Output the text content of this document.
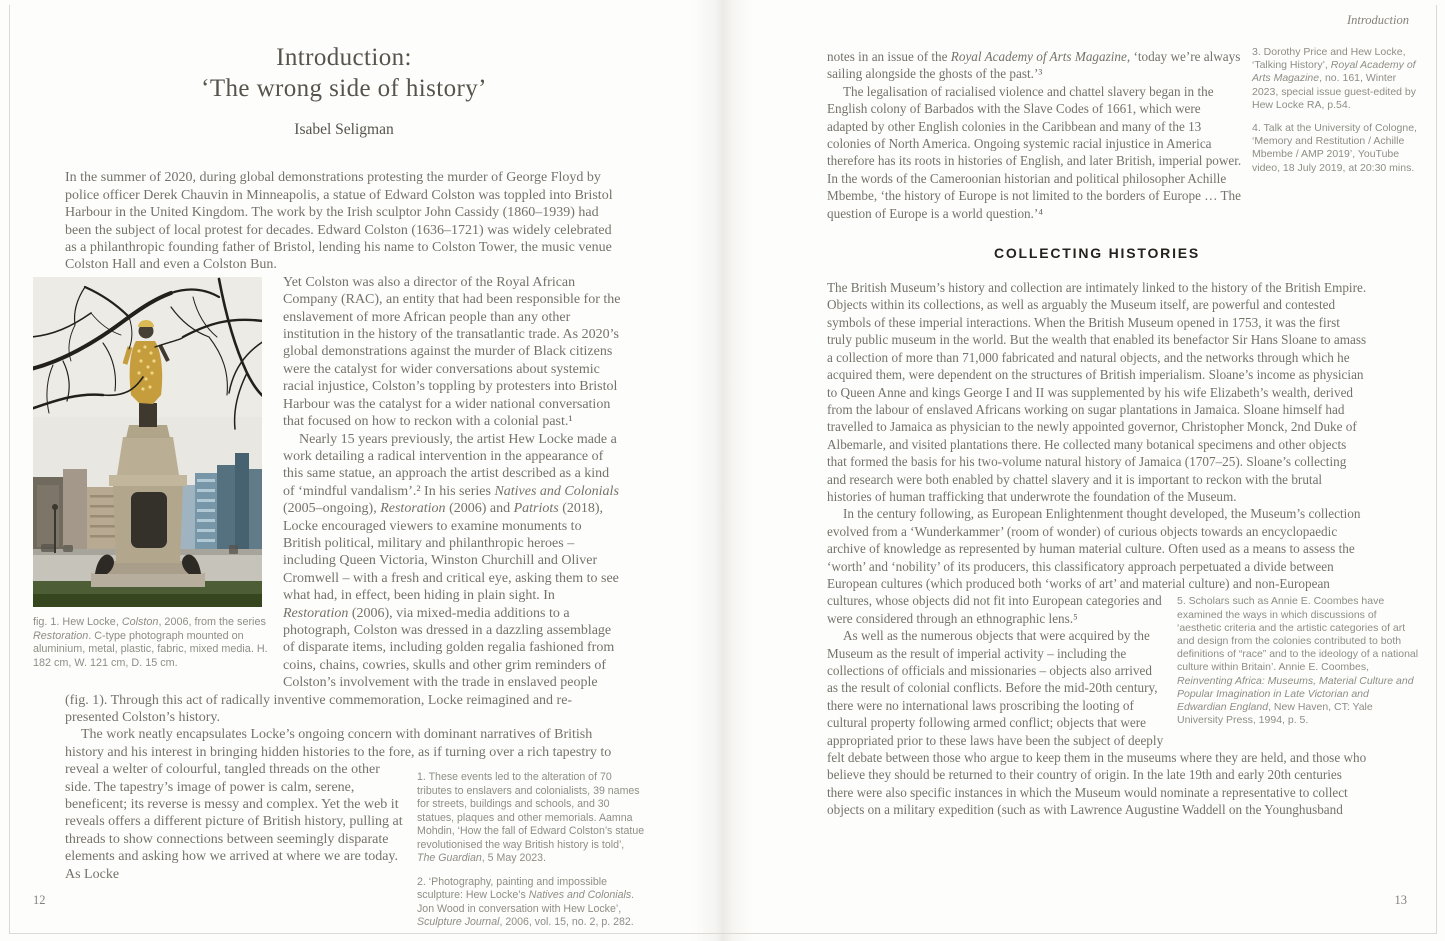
Introduction:
‘The wrong side of history’
Isabel Seligman

In the summer of 2020, during global demonstrations protesting the murder of George Floyd by police officer Derek Chauvin in Minneapolis, a statue of Edward Colston was toppled into Bristol Harbour in the United Kingdom. The work by the Irish sculptor John Cassidy (1860–1939) had been the subject of local protest for decades. Edward Colston (1636–1721) was widely celebrated as a philanthropic founding father of Bristol, lending his name to Colston Tower, the music venue Colston Hall and even a Colston Bun.

fig. 1. Hew Locke, Colston, 2006, from the series Restoration. C-type photograph mounted on aluminium, metal, plastic, fabric, mixed media. H. 182 cm, W. 121 cm, D. 15 cm.

Yet Colston was also a director of the Royal African Company (RAC), an entity that had been responsible for the enslavement of more African people than any other institution in the history of the transatlantic trade. As 2020’s global demonstrations against the murder of Black citizens were the catalyst for wider conversations about systemic racial injustice, Colston’s toppling by protesters into Bristol Harbour was the catalyst for a wider national conversation that focused on how to reckon with a colonial past.¹

Nearly 15 years previously, the artist Hew Locke made a work detailing a radical intervention in the appearance of this same statue, an approach the artist described as a kind of ‘mindful vandalism’.² In his series Natives and Colonials (2005–ongoing), Restoration (2006) and Patriots (2018), Locke encouraged viewers to examine monuments to British political, military and philanthropic heroes – including Queen Victoria, Winston Churchill and Oliver Cromwell – with a fresh and critical eye, asking them to see what had, in effect, been hiding in plain sight. In Restoration (2006), via mixed-media additions to a photograph, Colston was dressed in a dazzling assemblage of disparate items, including golden regalia fashioned from coins, chains, cowries, skulls and other grim reminders of Colston’s involvement with the trade in enslaved people (fig. 1). Through this act of radically inventive commemoration, Locke reimagined and re-presented Colston’s history.

1. These events led to the alteration of 70 tributes to enslavers and colonialists, 39 names for streets, buildings and schools, and 30 statues, plaques and other memorials. Aamna Mohdin, ‘How the fall of Edward Colston’s statue revolutionised the way British history is told’, The Guardian, 5 May 2023.

2. ‘Photography, painting and impossible sculpture: Hew Locke’s Natives and Colonials. Jon Wood in conversation with Hew Locke’, Sculpture Journal, 2006, vol. 15, no. 2, p. 282.

The work neatly encapsulates Locke’s ongoing concern with dominant narratives of British history and his interest in bringing hidden histories to the fore, as if turning over a rich tapestry to reveal a welter of colourful, tangled threads on the other side. The tapestry’s image of power is calm, serene, beneficent; its reverse is messy and complex. Yet the web it reveals offers a different picture of British history, pulling at threads to show connections between seemingly disparate elements and asking how we arrived at where we are today. As Locke

12
Introduction

3. Dorothy Price and Hew Locke, ‘Talking History’, Royal Academy of Arts Magazine, no. 161, Winter 2023, special issue guest-edited by Hew Locke RA, p.54.

4. Talk at the University of Cologne, ‘Memory and Restitution / Achille Mbembe / AMP 2019’, YouTube video, 18 July 2019, at 20:30 mins.

notes in an issue of the Royal Academy of Arts Magazine, ‘today we’re always sailing alongside the ghosts of the past.’³

The legalisation of racialised violence and chattel slavery began in the English colony of Barbados with the Slave Codes of 1661, which were adapted by other English colonies in the Caribbean and many of the 13 colonies of North America. Ongoing systemic racial injustice in America therefore has its roots in histories of English, and later British, imperial power. In the words of the Cameroonian historian and political philosopher Achille Mbembe, ‘the history of Europe is not limited to the borders of Europe … The question of Europe is a world question.’⁴

COLLECTING HISTORIES

The British Museum’s history and collection are intimately linked to the history of the British Empire. Objects within its collections, as well as arguably the Museum itself, are powerful and contested symbols of these imperial interactions. When the British Museum opened in 1753, it was the first truly public museum in the world. But the wealth that enabled its benefactor Sir Hans Sloane to amass a collection of more than 71,000 fabricated and natural objects, and the networks through which he acquired them, were dependent on the structures of British imperialism. Sloane’s income as physician to Queen Anne and kings George I and II was supplemented by his wife Elizabeth’s wealth, derived from the labour of enslaved Africans working on sugar plantations in Jamaica. Sloane himself had travelled to Jamaica as physician to the newly appointed governor, Christopher Monck, 2nd Duke of Albemarle, and visited plantations there. He collected many botanical specimens and other objects that formed the basis for his two-volume natural history of Jamaica (1707–25). Sloane’s collecting and research were both enabled by chattel slavery and it is important to reckon with the brutal histories of human trafficking that underwrote the foundation of the Museum.

5. Scholars such as Annie E. Coombes have examined the ways in which discussions of ‘aesthetic criteria and the artistic categories of art and design from the colonies contributed to both definitions of “race” and to the ideology of a national culture within Britain’. Annie E. Coombes, Reinventing Africa: Museums, Material Culture and Popular Imagination in Late Victorian and Edwardian England, New Haven, CT: Yale University Press, 1994, p. 5.

In the century following, as European Enlightenment thought developed, the Museum’s collection evolved from a ‘Wunderkammer’ (room of wonder) of curious objects towards an encyclopaedic archive of knowledge as represented by human material culture. Often used as a means to assess the ‘worth’ and ‘nobility’ of its producers, this classificatory approach perpetuated a divide between European cultures (which produced both ‘works of art’ and material culture) and non-European cultures, whose objects did not fit into European categories and were considered through an ethnographic lens.⁵

As well as the numerous objects that were acquired by the Museum as the result of imperial activity – including the collections of officials and missionaries – objects also arrived as the result of colonial conflicts. Before the mid-20th century, there were no international laws proscribing the looting of cultural property following armed conflict; objects that were appropriated prior to these laws have been the subject of deeply felt debate between those who argue to keep them in the museums where they are held, and those who believe they should be returned to their country of origin. In the late 19th and early 20th centuries there were also specific instances in which the Museum would nominate a representative to collect objects on a military expedition (such as with Lawrence Augustine Waddell on the Younghusband

13
